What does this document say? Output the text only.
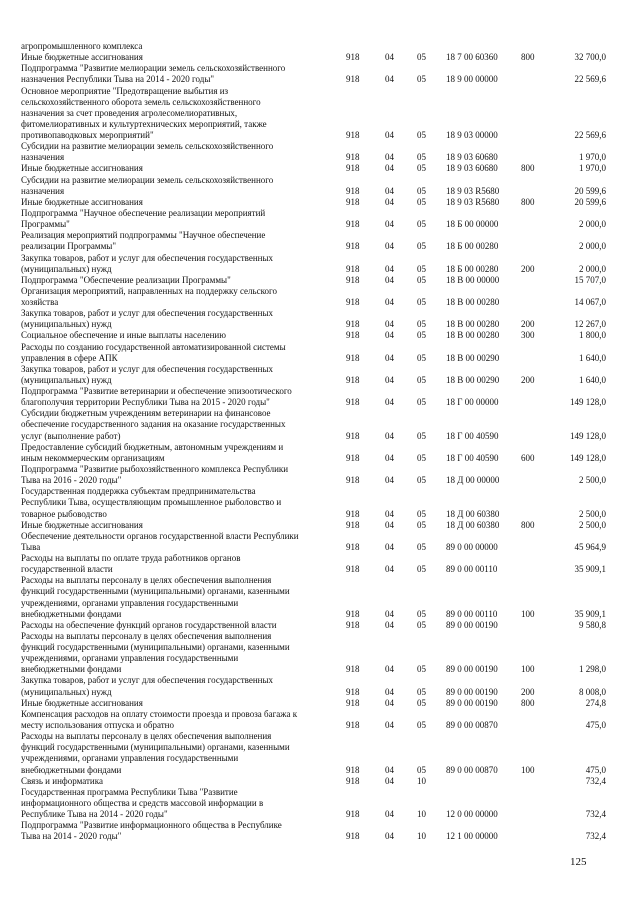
агропромышленного комплекса
Иные бюджетные ассигнования	918	04	05 18 7 00 60360	800	32 700,0
Подпрограмма "Развитие мелиорации земель сельскохозяйственного
назначения Республики Тыва на 2014 - 2020 годы"	918	04	05 18 9 00 00000	22 569,6
Основное мероприятие "Предотвращение выбытия из
сельскохозяйственного оборота земель сельскохозяйственного
назначения за счет проведения агролесомелиоративных,
фитомелиоративных и культуртехнических мероприятий, также
противопаводковых мероприятий"	918	04	05 18 9 03 00000	22 569,6
Субсидии на развитие мелиорации земель сельскохозяйственного
назначения	918	04	05 18 9 03 60680	1 970,0
Иные бюджетные ассигнования	918	04	05 18 9 03 60680	800	1 970,0
Субсидии на развитие мелиорации земель сельскохозяйственного
назначения	918	04	05 18 9 03 R5680	20 599,6
Иные бюджетные ассигнования	918	04	05 18 9 03 R5680 800	20 599,6
Подпрограмма "Научное обеспечение реализации мероприятий
Программы"	918	04	05 18 Б 00 00000	2 000,0
Реализация мероприятий подпрограммы "Научное обеспечение
реализации Программы"	918	04	05 18 Б 00 00280	2 000,0
Закупка товаров, работ и услуг для обеспечения государственных
(муниципальных) нужд	918	04	05 18 Б 00 00280	200	2 000,0
Подпрограмма "Обеспечение реализации Программы"	918	04	05 18 В 00 00000	15 707,0
Организация мероприятий, направленных на поддержку сельского
хозяйства	918	04	05 18 В 00 00280	14 067,0
Закупка товаров, работ и услуг для обеспечения государственных
(муниципальных) нужд	918	04	05 18 В 00 00280 200	12 267,0
Социальное обеспечение и иные выплаты населению	918	04	05 18 В 00 00280 300	1 800,0
Расходы по созданию государственной автоматизированной системы
управления в сфере АПК	918	04	05 18 В 00 00290	1 640,0
Закупка товаров, работ и услуг для обеспечения государственных
(муниципальных) нужд	918	04	05 18 В 00 00290 200	1 640,0
Подпрограмма "Развитие ветеринарии и обеспечение эпизоотического
благополучия территории Республики Тыва на 2015 - 2020 годы"	918	04	05 18 Г 00 00000	149 128,0
Субсидии бюджетным учреждениям ветеринарии на финансовое
обеспечение государственного задания на оказание государственных
услуг (выполнение работ)	918	04	05 18 Г 00 40590	149 128,0
Предоставление субсидий бюджетным, автономным учреждениям и
иным некоммерческим организациям	918	04	05 18 Г 00 40590	600	149 128,0
Подпрограмма "Развитие рыбохозяйственного комплекса Республики
Тыва на 2016 - 2020 годы"	918	04	05 18 Д 00 00000	2 500,0
Государственная поддержка субъектам предпринимательства
Республики Тыва, осуществляющим промышленное рыболовство и
товарное рыбоводство	918	04	05 18 Д 00 60380	2 500,0
Иные бюджетные ассигнования	918	04	05 18 Д 00 60380 800	2 500,0
Обеспечение деятельности органов государственной власти Республики
Тыва	918	04	05 89 0 00 00000	45 964,9
Расходы на выплаты по оплате труда работников органов
государственной власти	918	04	05 89 0 00 00110	35 909,1
Расходы на выплаты персоналу в целях обеспечения выполнения
функций государственными (муниципальными) органами, казенными
учреждениями, органами управления государственными
внебюджетными фондами	918	04	05 89 0 00 00110	100	35 909,1
Расходы на обеспечение функций органов государственной власти	918	04	05 89 0 00 00190	9 580,8
Расходы на выплаты персоналу в целях обеспечения выполнения
функций государственными (муниципальными) органами, казенными
учреждениями, органами управления государственными
внебюджетными фондами	918	04	05 89 0 00 00190	100	1 298,0
Закупка товаров, работ и услуг для обеспечения государственных
(муниципальных) нужд	918	04	05 89 0 00 00190	200	8 008,0
Иные бюджетные ассигнования	918	04	05 89 0 00 00190	800	274,8
Компенсация расходов на оплату стоимости проезда и провоза багажа к
месту использования отпуска и обратно	918	04	05 89 0 00 00870	475,0
Расходы на выплаты персоналу в целях обеспечения выполнения
функций государственными (муниципальными) органами, казенными
учреждениями, органами управления государственными
внебюджетными фондами	918	04	05 89 0 00 00870	100	475,0
Связь и информатика	918	04	10	732,4
Государственная программа Республики Тыва "Развитие
информационного общества и средств массовой информации в
Республике Тыва на 2014 - 2020 годы"	918	04	10 12 0 00 00000	732,4
Подпрограмма "Развитие информационного общества в Республике
Тыва на 2014 - 2020 годы"	918	04	10 12 1 00 00000	732,4
125
